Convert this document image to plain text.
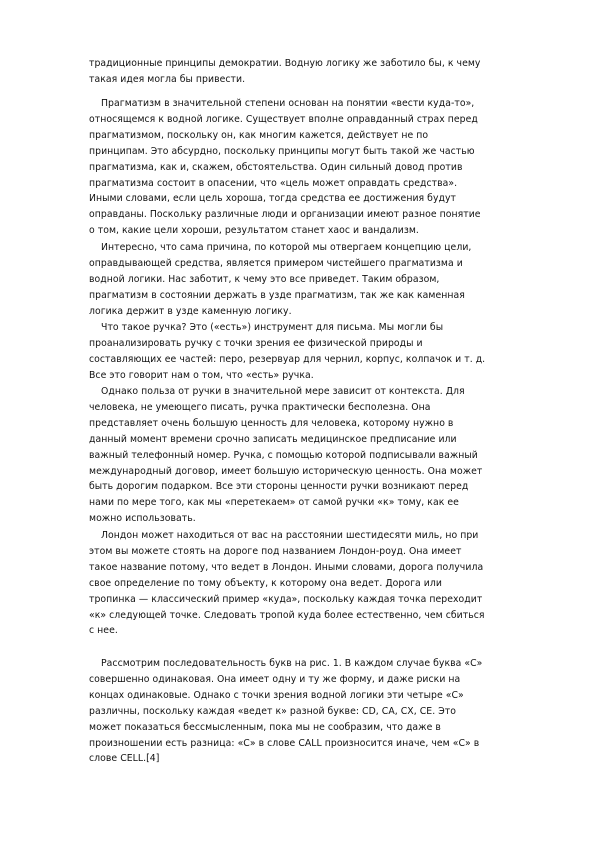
традиционные принципы демократии. Водную логику же заботило бы, к чему
такая идея могла бы привести.

Прагматизм в значительной степени основан на понятии «вести куда-то»,
относящемся к водной логике. Существует вполне оправданный страх перед
прагматизмом, поскольку он, как многим кажется, действует не по
принципам. Это абсурдно, поскольку принципы могут быть такой же частью
прагматизма, как и, скажем, обстоятельства. Один сильный довод против
прагматизма состоит в опасении, что «цель может оправдать средства».
Иными словами, если цель хороша, тогда средства ее достижения будут
оправданы. Поскольку различные люди и организации имеют разное понятие
о том, какие цели хороши, результатом станет хаос и вандализм.

Интересно, что сама причина, по которой мы отвергаем концепцию цели,
оправдывающей средства, является примером чистейшего прагматизма и
водной логики. Нас заботит, к чему это все приведет. Таким образом,
прагматизм в состоянии держать в узде прагматизм, так же как каменная
логика держит в узде каменную логику.

Что такое ручка? Это («есть») инструмент для письма. Мы могли бы
проанализировать ручку с точки зрения ее физической природы и
составляющих ее частей: перо, резервуар для чернил, корпус, колпачок и т. д.
Все это говорит нам о том, что «есть» ручка.

Однако польза от ручки в значительной мере зависит от контекста. Для
человека, не умеющего писать, ручка практически бесполезна. Она
представляет очень большую ценность для человека, которому нужно в
данный момент времени срочно записать медицинское предписание или
важный телефонный номер. Ручка, с помощью которой подписывали важный
международный договор, имеет большую историческую ценность. Она может
быть дорогим подарком. Все эти стороны ценности ручки возникают перед
нами по мере того, как мы «перетекаем» от самой ручки «к» тому, как ее
можно использовать.

Лондон может находиться от вас на расстоянии шестидесяти миль, но при
этом вы можете стоять на дороге под названием Лондон-роуд. Она имеет
такое название потому, что ведет в Лондон. Иными словами, дорога получила
свое определение по тому объекту, к которому она ведет. Дорога или
тропинка — классический пример «куда», поскольку каждая точка переходит
«к» следующей точке. Следовать тропой куда более естественно, чем сбиться
с нее.

Рассмотрим последовательность букв на рис. 1. В каждом случае буква «С»
совершенно одинаковая. Она имеет одну и ту же форму, и даже риски на
концах одинаковые. Однако с точки зрения водной логики эти четыре «С»
различны, поскольку каждая «ведет к» разной букве: CD, CA, CX, CE. Это
может показаться бессмысленным, пока мы не сообразим, что даже в
произношении есть разница: «С» в слове CALL произносится иначе, чем «С» в
слове CELL.[4]
